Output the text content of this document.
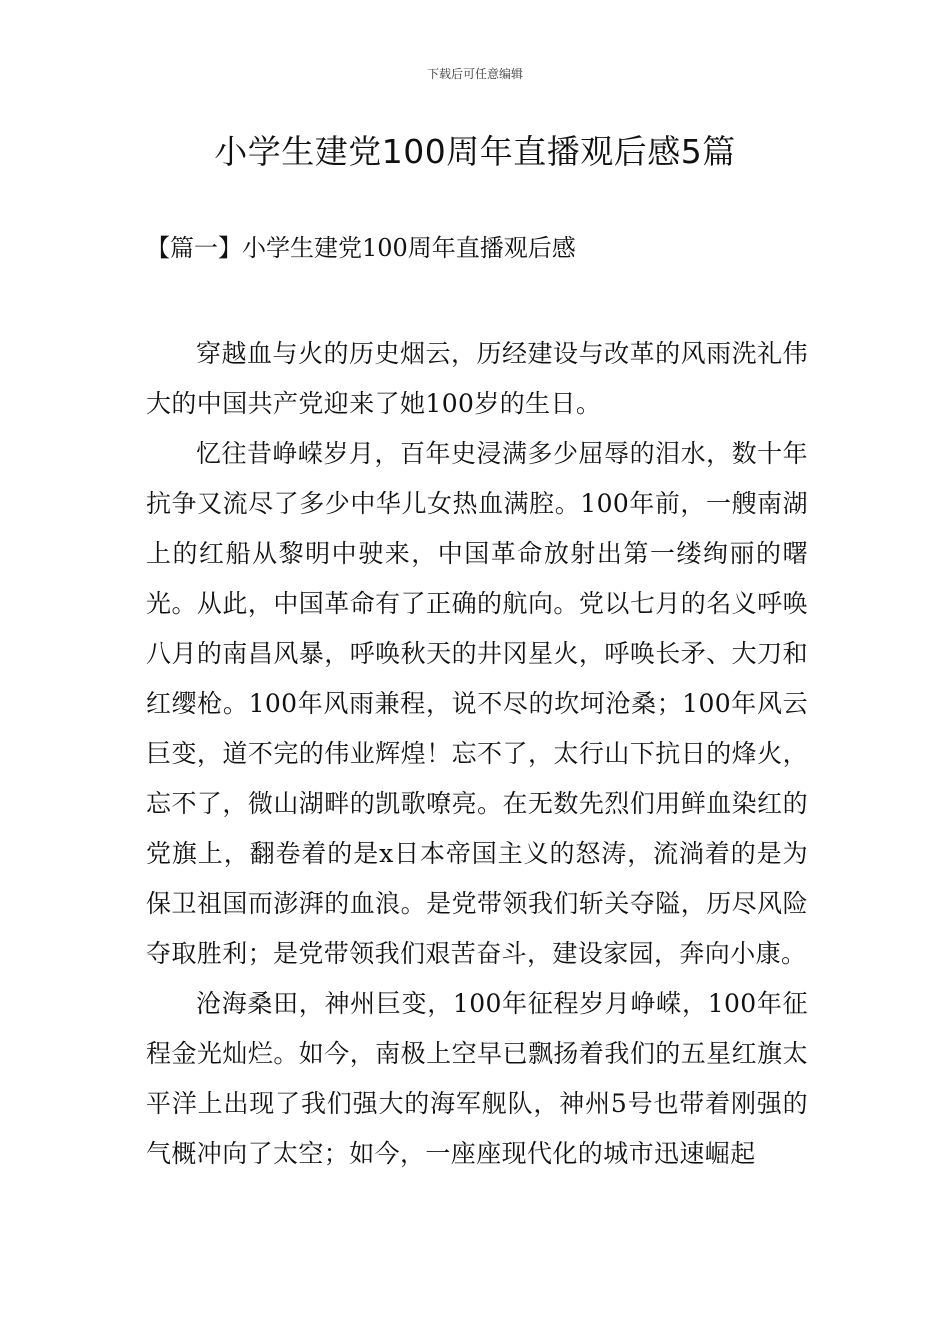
下载后可任意编辑
小学生建党100周年直播观后感5篇
【篇一】小学生建党100周年直播观后感

穿越血与火的历史烟云，历经建设与改革的风雨洗礼伟大的中国共产党迎来了她100岁的生日。

忆往昔峥嵘岁月，百年史浸满多少屈辱的泪水，数十年抗争又流尽了多少中华儿女热血满腔。100年前，一艘南湖上的红船从黎明中驶来，中国革命放射出第一缕绚丽的曙光。从此，中国革命有了正确的航向。党以七月的名义呼唤八月的南昌风暴，呼唤秋天的井冈星火，呼唤长矛、大刀和红缨枪。100年风雨兼程，说不尽的坎坷沧桑；100年风云巨变，道不完的伟业辉煌！忘不了，太行山下抗日的烽火，忘不了，微山湖畔的凯歌嘹亮。在无数先烈们用鲜血染红的党旗上，翻卷着的是x日本帝国主义的怒涛，流淌着的是为保卫祖国而澎湃的血浪。是党带领我们斩关夺隘，历尽风险夺取胜利；是党带领我们艰苦奋斗，建设家园，奔向小康。

沧海桑田，神州巨变，100年征程岁月峥嵘，100年征程金光灿烂。如今，南极上空早已飘扬着我们的五星红旗太平洋上出现了我们强大的海军舰队，神州5号也带着刚强的气概冲向了太空；如今，一座座现代化的城市迅速崛起
